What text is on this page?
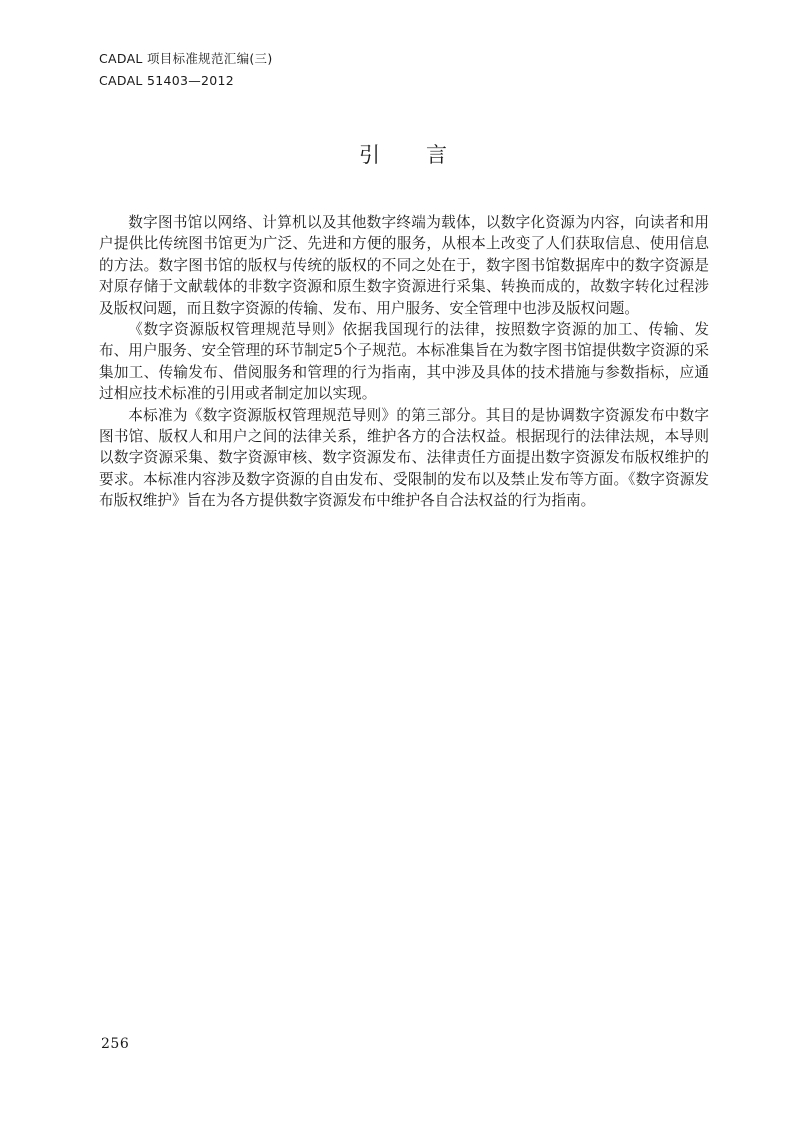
CADAL 项目标准规范汇编(三)
CADAL 51403—2012
引言

数字图书馆以网络、计算机以及其他数字终端为载体，以数字化资源为内容，向读者和用户提供比传统图书馆更为广泛、先进和方便的服务，从根本上改变了人们获取信息、使用信息的方法。数字图书馆的版权与传统的版权的不同之处在于，数字图书馆数据库中的数字资源是对原存储于文献载体的非数字资源和原生数字资源进行采集、转换而成的，故数字转化过程涉及版权问题，而且数字资源的传输、发布、用户服务、安全管理中也涉及版权问题。

《数字资源版权管理规范导则》依据我国现行的法律，按照数字资源的加工、传输、发布、用户服务、安全管理的环节制定5个子规范。本标准集旨在为数字图书馆提供数字资源的采集加工、传输发布、借阅服务和管理的行为指南，其中涉及具体的技术措施与参数指标，应通过相应技术标准的引用或者制定加以实现。

本标准为《数字资源版权管理规范导则》的第三部分。其目的是协调数字资源发布中数字图书馆、版权人和用户之间的法律关系，维护各方的合法权益。根据现行的法律法规，本导则以数字资源采集、数字资源审核、数字资源发布、法律责任方面提出数字资源发布版权维护的要求。本标准内容涉及数字资源的自由发布、受限制的发布以及禁止发布等方面。《数字资源发布版权维护》旨在为各方提供数字资源发布中维护各自合法权益的行为指南。

256
